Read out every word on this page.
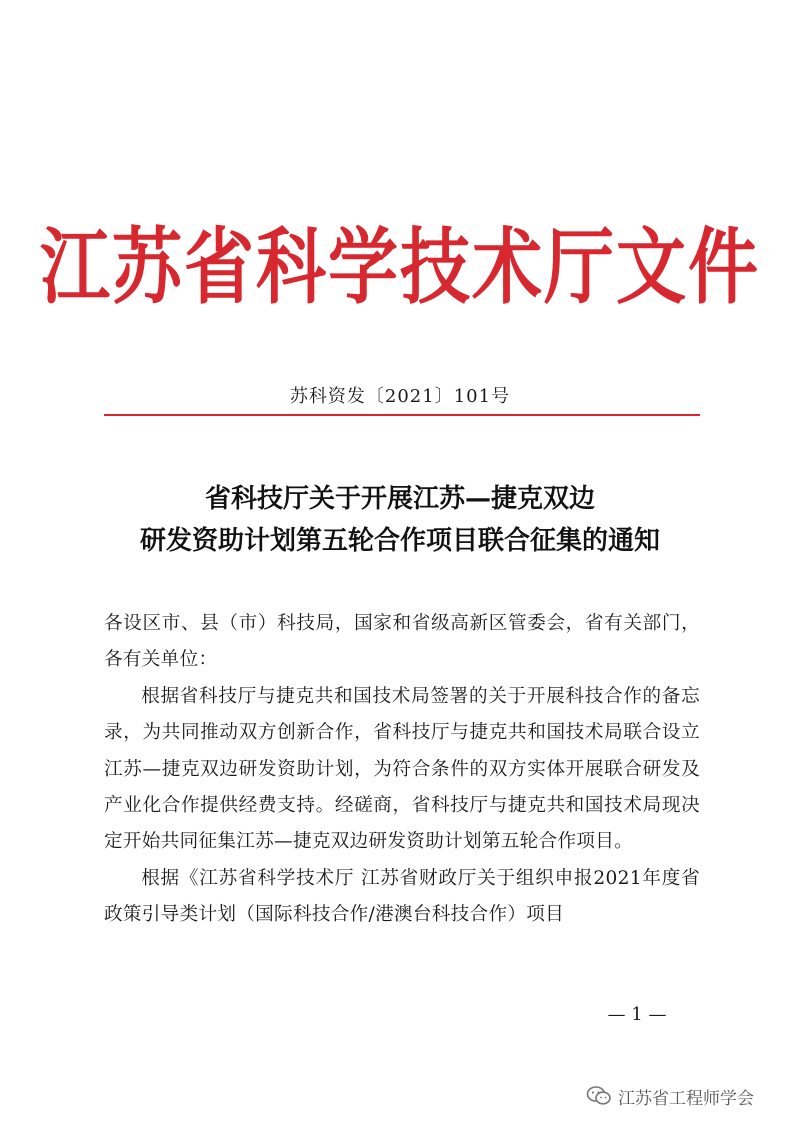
江苏省科学技术厅文件
苏科资发〔2021〕101号
省科技厅关于开展江苏—捷克双边
研发资助计划第五轮合作项目联合征集的通知

各设区市、县（市）科技局，国家和省级高新区管委会，省有关部门，各有关单位：

根据省科技厅与捷克共和国技术局签署的关于开展科技合作的备忘录，为共同推动双方创新合作，省科技厅与捷克共和国技术局联合设立江苏—捷克双边研发资助计划，为符合条件的双方实体开展联合研发及产业化合作提供经费支持。经磋商，省科技厅与捷克共和国技术局现决定开始共同征集江苏—捷克双边研发资助计划第五轮合作项目。

根据《江苏省科学技术厅 江苏省财政厅关于组织申报2021年度省政策引导类计划（国际科技合作/港澳台科技合作）项目

— 1 —
江苏省工程师学会
